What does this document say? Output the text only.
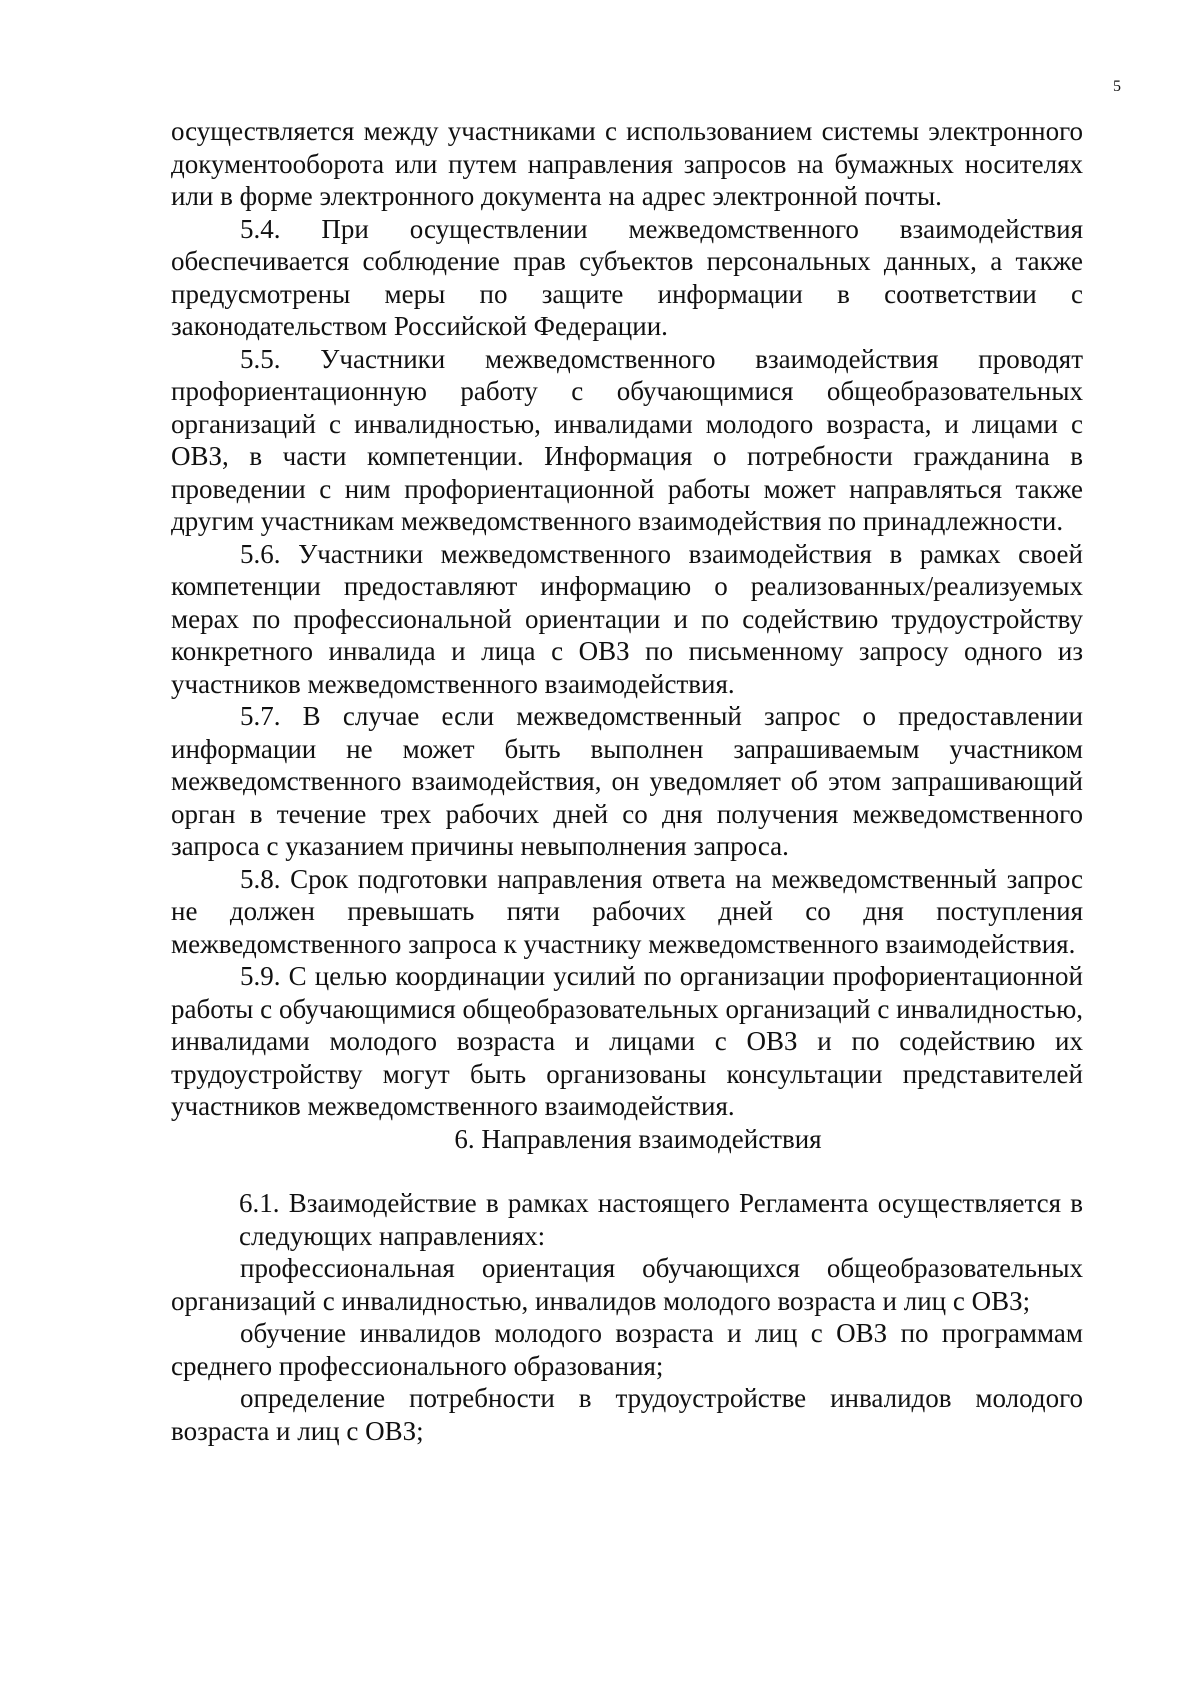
5

осуществляется между участниками с использованием системы электронного документооборота или путем направления запросов на бумажных носителях или в форме электронного документа на адрес электронной почты.

5.4. При осуществлении межведомственного взаимодействия обеспечивается соблюдение прав субъектов персональных данных, а также предусмотрены меры по защите информации в соответствии с законодательством Российской Федерации.

5.5. Участники межведомственного взаимодействия проводят профориентационную работу с обучающимися общеобразовательных организаций с инвалидностью, инвалидами молодого возраста, и лицами с ОВЗ, в части компетенции. Информация о потребности гражданина в проведении с ним профориентационной работы может направляться также другим участникам межведомственного взаимодействия по принадлежности.

5.6. Участники межведомственного взаимодействия в рамках своей компетенции предоставляют информацию о реализованных/реализуемых мерах по профессиональной ориентации и по содействию трудоустройству конкретного инвалида и лица с ОВЗ по письменному запросу одного из участников межведомственного взаимодействия.

5.7. В случае если межведомственный запрос о предоставлении информации не может быть выполнен запрашиваемым участником межведомственного взаимодействия, он уведомляет об этом запрашивающий орган в течение трех рабочих дней со дня получения межведомственного запроса с указанием причины невыполнения запроса.

5.8. Срок подготовки направления ответа на межведомственный запрос не должен превышать пяти рабочих дней со дня поступления межведомственного запроса к участнику межведомственного взаимодействия.

5.9. С целью координации усилий по организации профориентационной работы с обучающимися общеобразовательных организаций с инвалидностью, инвалидами молодого возраста и лицами с ОВЗ и по содействию их трудоустройству могут быть организованы консультации представителей участников межведомственного взаимодействия.

6. Направления взаимодействия

6.1. Взаимодействие в рамках настоящего Регламента осуществляется в следующих направлениях:

профессиональная ориентация обучающихся общеобразовательных организаций с инвалидностью, инвалидов молодого возраста и лиц с ОВЗ;

обучение инвалидов молодого возраста и лиц с ОВЗ по программам среднего профессионального образования;

определение потребности в трудоустройстве инвалидов молодого возраста и лиц с ОВЗ;
